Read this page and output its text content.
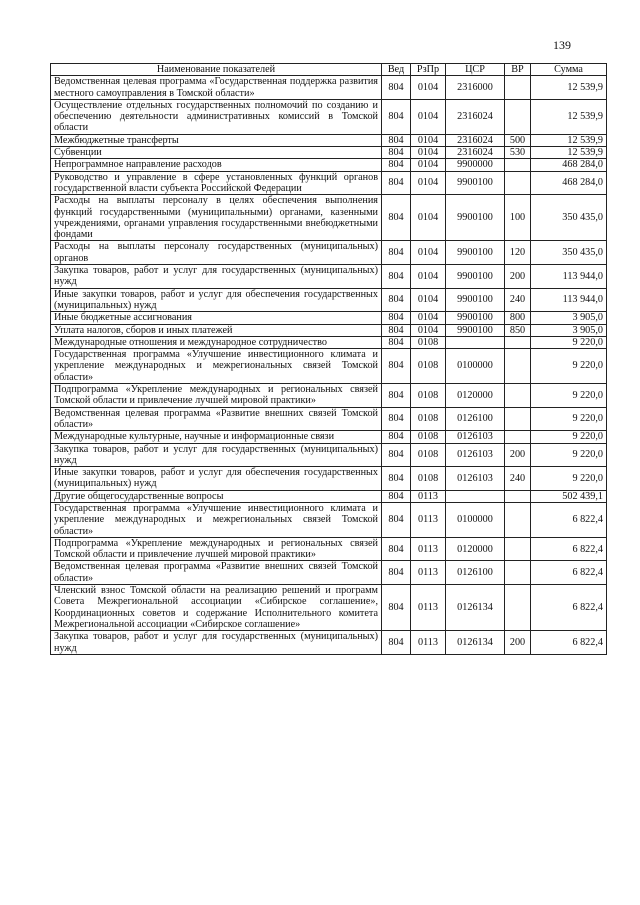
139
Наименование показателей	Вед	РзПр	ЦСР	ВР	Сумма
Ведомственная целевая программа «Государственная поддержка развития местного самоуправления в Томской области»	804	0104	2316000		12 539,9
Осуществление отдельных государственных полномочий по созданию и обеспечению деятельности административных комиссий в Томской области	804	0104	2316024		12 539,9
Межбюджетные трансферты	804	0104	2316024	500	12 539,9
Субвенции	804	0104	2316024	530	12 539,9
Непрограммное направление расходов	804	0104	9900000		468 284,0
Руководство и управление в сфере установленных функций органов государственной власти субъекта Российской Федерации	804	0104	9900100		468 284,0
Расходы на выплаты персоналу в целях обеспечения выполнения функций государственными (муниципальными) органами, казенными учреждениями, органами управления государственными внебюджетными фондами	804	0104	9900100	100	350 435,0
Расходы на выплаты персоналу государственных (муниципальных) органов	804	0104	9900100	120	350 435,0
Закупка товаров, работ и услуг для государственных (муниципальных) нужд	804	0104	9900100	200	113 944,0
Иные закупки товаров, работ и услуг для обеспечения государственных (муниципальных) нужд	804	0104	9900100	240	113 944,0
Иные бюджетные ассигнования	804	0104	9900100	800	3 905,0
Уплата налогов, сборов и иных платежей	804	0104	9900100	850	3 905,0
Международные отношения и международное сотрудничество	804	0108			9 220,0
Государственная программа «Улучшение инвестиционного климата и укрепление международных и межрегиональных связей Томской области»	804	0108	0100000		9 220,0
Подпрограмма «Укрепление международных и региональных связей Томской области и привлечение лучшей мировой практики»	804	0108	0120000		9 220,0
Ведомственная целевая программа «Развитие внешних связей Томской области»	804	0108	0126100		9 220,0
Международные культурные, научные и информационные связи	804	0108	0126103		9 220,0
Закупка товаров, работ и услуг для государственных (муниципальных) нужд	804	0108	0126103	200	9 220,0
Иные закупки товаров, работ и услуг для обеспечения государственных (муниципальных) нужд	804	0108	0126103	240	9 220,0
Другие общегосударственные вопросы	804	0113			502 439,1
Государственная программа «Улучшение инвестиционного климата и укрепление международных и межрегиональных связей Томской области»	804	0113	0100000		6 822,4
Подпрограмма «Укрепление международных и региональных связей Томской области и привлечение лучшей мировой практики»	804	0113	0120000		6 822,4
Ведомственная целевая программа «Развитие внешних связей Томской области»	804	0113	0126100		6 822,4
Членский взнос Томской области на реализацию решений и программ Совета Межрегиональной ассоциации «Сибирское соглашение», Координационных советов и содержание Исполнительного комитета Межрегиональной ассоциации «Сибирское соглашение»	804	0113	0126134		6 822,4
Закупка товаров, работ и услуг для государственных (муниципальных) нужд	804	0113	0126134	200	6 822,4
